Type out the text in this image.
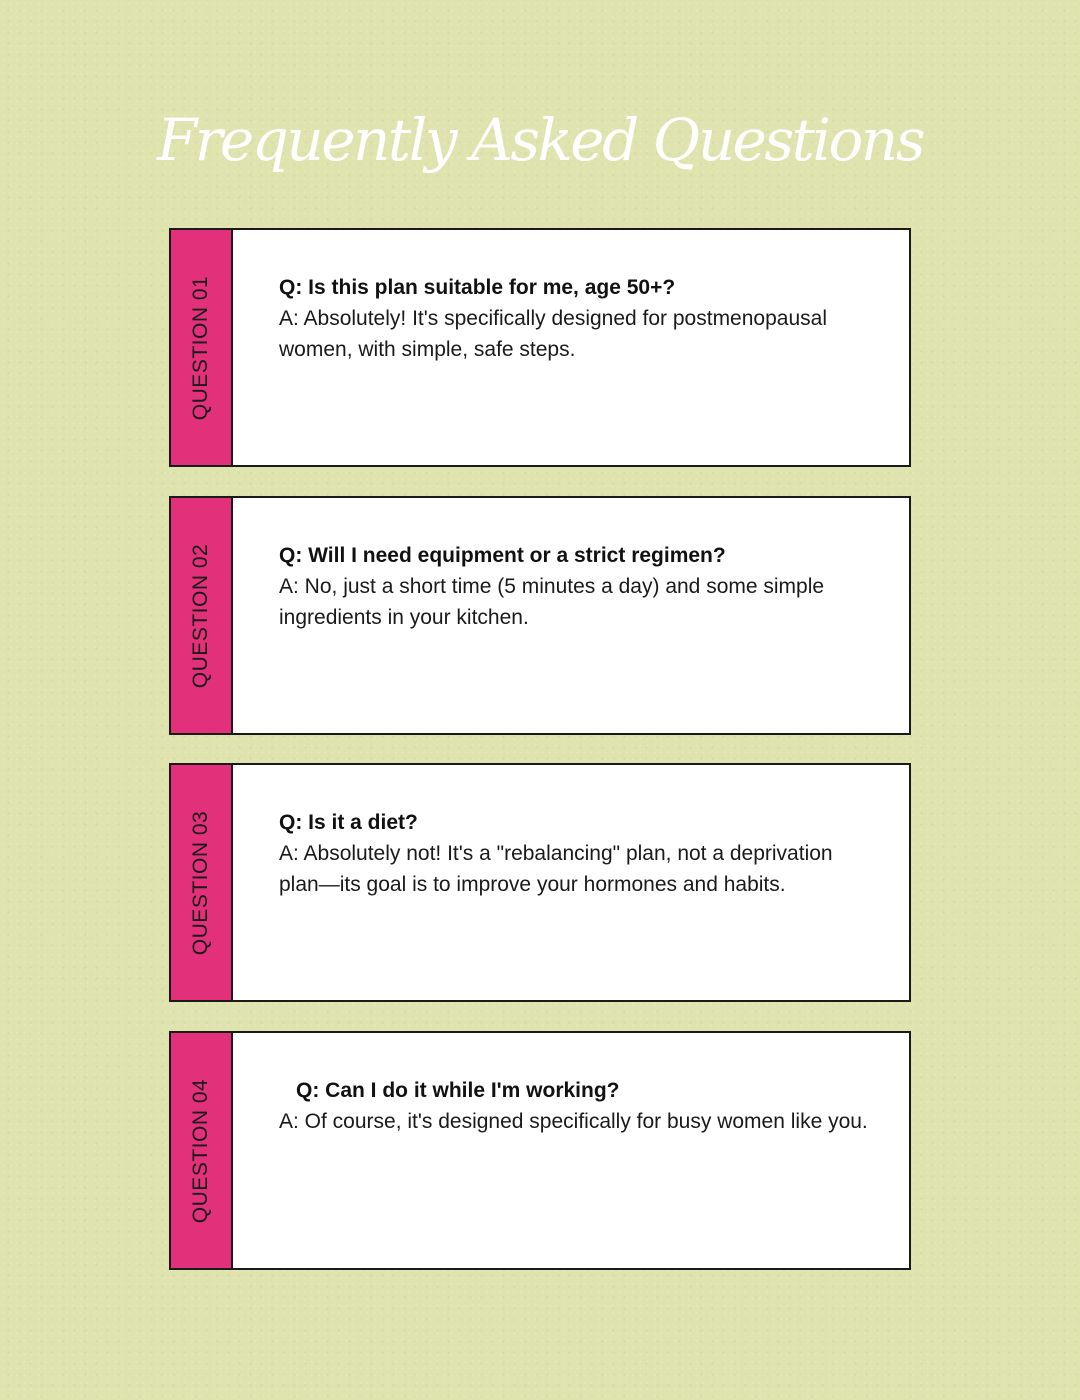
Frequently Asked Questions
QUESTION 01	Q: Is this plan suitable for me, age 50+?

A: Absolutely! It's specifically designed for postmenopausal women, with simple, safe steps.

QUESTION 02	Q: Will I need equipment or a strict regimen?

A: No, just a short time (5 minutes a day) and some simple ingredients in your kitchen.

QUESTION 03	Q: Is it a diet?

A: Absolutely not! It's a "rebalancing" plan, not a deprivation plan—its goal is to improve your hormones and habits.

QUESTION 04	Q: Can I do it while I'm working?

A: Of course, it's designed specifically for busy women like you.
